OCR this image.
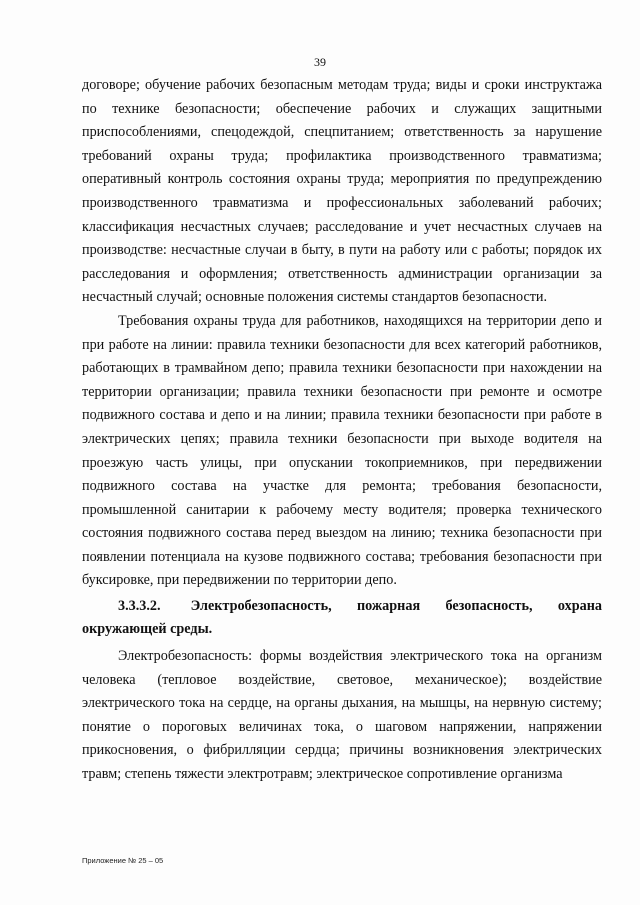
39

договоре; обучение рабочих безопасным методам труда; виды и сроки инструктажа по технике безопасности; обеспечение рабочих и служащих защитными приспособлениями, спецодеждой, спецпитанием; ответственность за нарушение требований охраны труда; профилактика производственного травматизма; оперативный контроль состояния охраны труда; мероприятия по предупреждению производственного травматизма и профессиональных заболеваний рабочих; классификация несчастных случаев; расследование и учет несчастных случаев на производстве: несчастные случаи в быту, в пути на работу или с работы; порядок их расследования и оформления; ответственность администрации организации за несчастный случай; основные положения системы стандартов безопасности.

Требования охраны труда для работников, находящихся на территории депо и при работе на линии: правила техники безопасности для всех категорий работников, работающих в трамвайном депо; правила техники безопасности при нахождении на территории организации; правила техники безопасности при ремонте и осмотре подвижного состава и депо и на линии; правила техники безопасности при работе в электрических цепях; правила техники безопасности при выходе водителя на проезжую часть улицы, при опускании токоприемников, при передвижении подвижного состава на участке для ремонта; требования безопасности, промышленной санитарии к рабочему месту водителя; проверка технического состояния подвижного состава перед выездом на линию; техника безопасности при появлении потенциала на кузове подвижного состава; требования безопасности при буксировке, при передвижении по территории депо.

3.3.3.2. Электробезопасность, пожарная безопасность, охрана окружающей среды.

Электробезопасность: формы воздействия электрического тока на организм человека (тепловое воздействие, световое, механическое); воздействие электрического тока на сердце, на органы дыхания, на мышцы, на нервную систему; понятие о пороговых величинах тока, о шаговом напряжении, напряжении прикосновения, о фибрилляции сердца; причины возникновения электрических травм; степень тяжести электротравм; электрическое сопротивление организма

Приложение № 25 – 05
